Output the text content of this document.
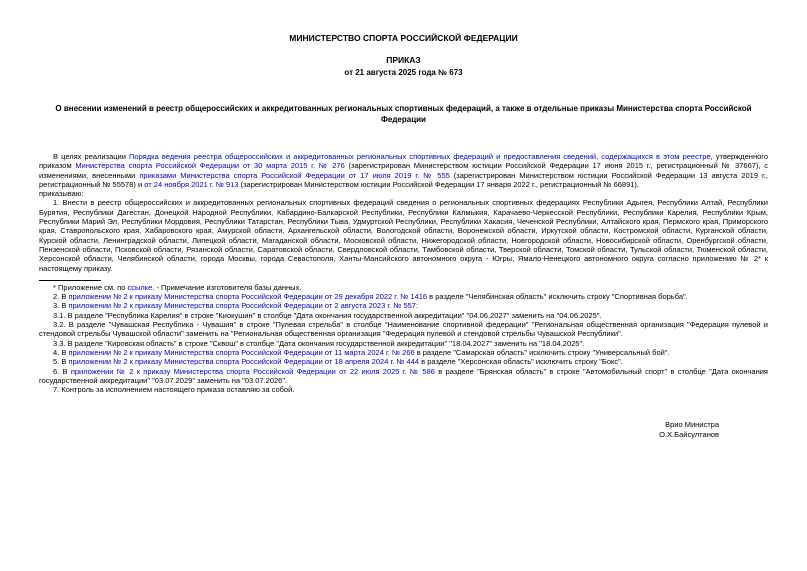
МИНИСТЕРСТВО СПОРТА РОССИЙСКОЙ ФЕДЕРАЦИИ
ПРИКАЗ
от 21 августа 2025 года № 673
О внесении изменений в реестр общероссийских и аккредитованных региональных спортивных федераций, а также в отдельные приказы Министерства спорта Российской Федерации

В целях реализации Порядка ведения реестра общероссийских и аккредитованных региональных спортивных федераций и предоставления сведений, содержащихся в этом реестре, утвержденного приказом Министерства спорта Российской Федерации от 30 марта 2015 г. № 276 (зарегистрирован Министерством юстиции Российской Федерации 17 июня 2015 г., регистрационный № 37667), с изменениями, внесенными приказами Министерства спорта Российской Федерации от 17 июля 2019 г. № 555 (зарегистрирован Министерством юстиции Российской Федерации 13 августа 2019 г., регистрационный № 55578) и от 24 ноября 2021 г. № 913 (зарегистрирован Министерством юстиции Российской Федерации 17 января 2022 г., регистрационный № 66891),

приказываю:

1. Внести в реестр общероссийских и аккредитованных региональных спортивных федераций сведения о региональных спортивных федерациях Республики Адыгея, Республики Алтай, Республики Бурятия, Республики Дагестан, Донецкой Народной Республики, Кабардино-Балкарской Республики, Республики Калмыкия, Карачаево-Черкесской Республики, Республики Карелия, Республики Крым, Республики Марий Эл, Республики Мордовия, Республики Татарстан, Республики Тыва, Удмуртской Республики, Республики Хакасия, Чеченской Республики, Алтайского края, Пермского края, Приморского края, Ставропольского края, Хабаровского края, Амурской области, Архангельской области, Вологодской области, Воронежской области, Иркутской области, Костромской области, Курганской области, Курской области, Ленинградской области, Липецкой области, Магаданской области, Московской области, Нижегородской области, Новгородской области, Новосибирской области, Оренбургской области, Пензенской области, Псковской области, Рязанской области, Саратовской области, Свердловской области, Тамбовской области, Тверской области, Томской области, Тульской области, Тюменской области, Херсонской области, Челябинской области, города Москвы, города Севастополя, Ханты-Мансийского автономного округа - Югры, Ямало-Ненецкого автономного округа согласно приложению № 2* к настоящему приказу.

* Приложение см. по ссылке. - Примечание изготовителя базы данных.

2. В приложении № 2 к приказу Министерства спорта Российской Федерации от 29 декабря 2022 г. № 1416 в разделе "Челябинская область" исключить строку "Спортивная борьба".

3. В приложении № 2 к приказу Министерства спорта Российской Федерации от 2 августа 2023 г. № 557:

3.1. В разделе "Республика Карелия" в строке "Киокушин" в столбце "Дата окончания государственной аккредитации" "04.06.2027" заменить на "04.06.2025".

3.2. В разделе "Чувашская Республика - Чувашия" в строке "Пулевая стрельба" в столбце "Наименование спортивной федерации" "Региональная общественная организация "Федерация пулевой и стендовой стрельбы Чувашской области" заменить на "Региональная общественная организация "Федерация пулевой и стендовой стрельбы Чувашской Республики".

3.3. В разделе "Кировская область" в строке "Сквош" в столбце "Дата окончания государственной аккредитации" "18.04.2027" заменить на "18.04.2025".

4. В приложении № 2 к приказу Министерства спорта Российской Федерации от 11 марта 2024 г. № 266 в разделе "Самарская область" исключить строку "Универсальный бой".

5. В приложении № 2 к приказу Министерства спорта Российской Федерации от 18 апреля 2024 г. № 444 в разделе "Херсонская область" исключить строку "Бокс".

6. В приложении № 2 к приказу Министерства спорта Российской Федерации от 22 июля 2025 г. № 586 в разделе "Брянская область" в строке "Автомобильный спорт" в столбце "Дата окончания государственной аккредитации" "03.07.2029" заменить на "03.07.2026".

7. Контроль за исполнением настоящего приказа оставляю за собой.

Врио Министра
О.Х.Байсултанов
